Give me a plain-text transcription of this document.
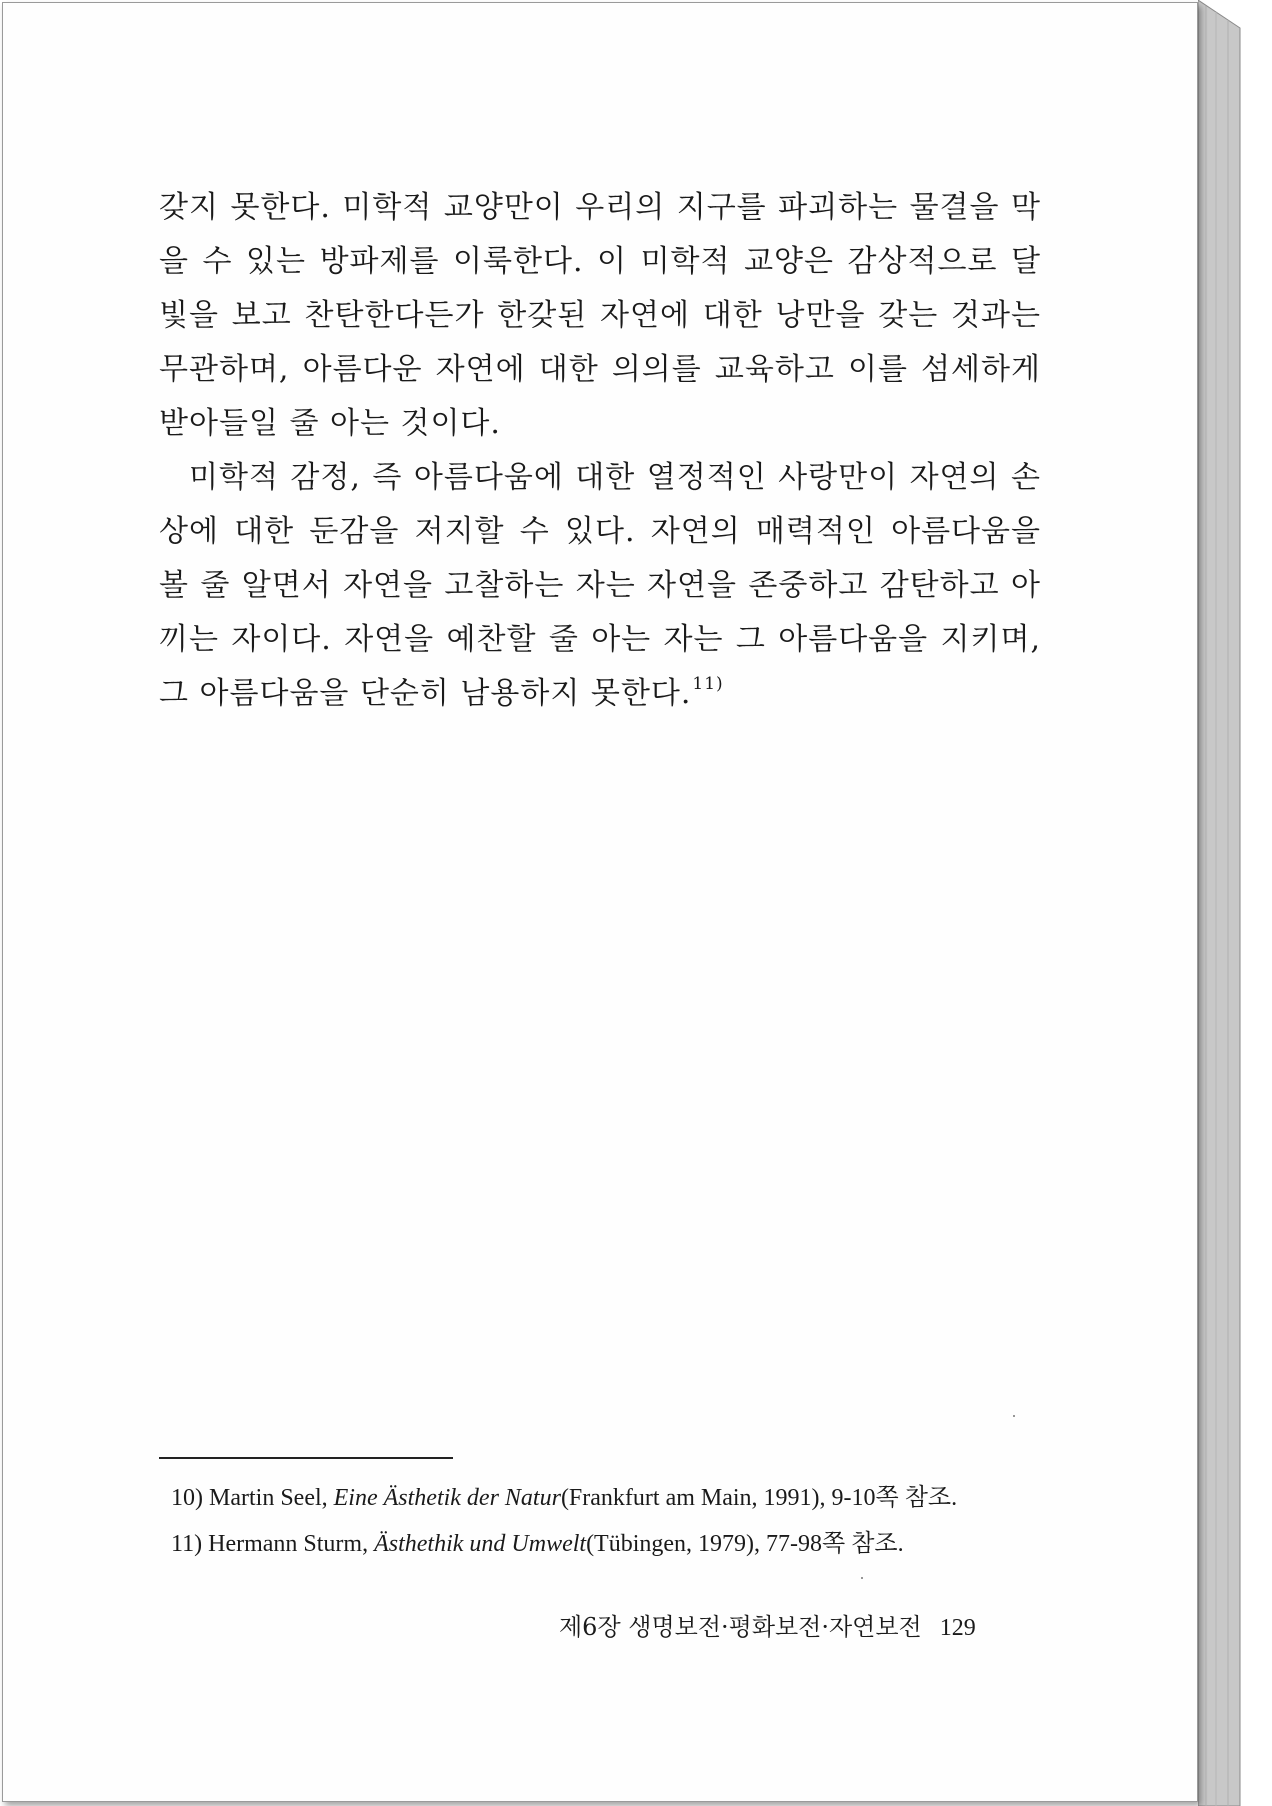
갖지 못한다. 미학적 교양만이 우리의 지구를 파괴하는 물결을 막을 수 있는 방파제를 이룩한다. 이 미학적 교양은 감상적으로 달빛을 보고 찬탄한다든가 한갖된 자연에 대한 낭만을 갖는 것과는 무관하며, 아름다운 자연에 대한 의의를 교육하고 이를 섬세하게 받아들일 줄 아는 것이다.

미학적 감정, 즉 아름다움에 대한 열정적인 사랑만이 자연의 손상에 대한 둔감을 저지할 수 있다. 자연의 매력적인 아름다움을 볼 줄 알면서 자연을 고찰하는 자는 자연을 존중하고 감탄하고 아끼는 자이다. 자연을 예찬할 줄 아는 자는 그 아름다움을 지키며, 그 아름다움을 단순히 남용하지 못한다.$^{11)}$

10) Martin Seel, Eine Ästhetik der Natur(Frankfurt am Main, 1991), 9-10쪽 참조.
11) Hermann Sturm, Ästhethik und Umwelt(Tübingen, 1979), 77-98쪽 참조.
제6장 생명보전·평화보전·자연보전 129
